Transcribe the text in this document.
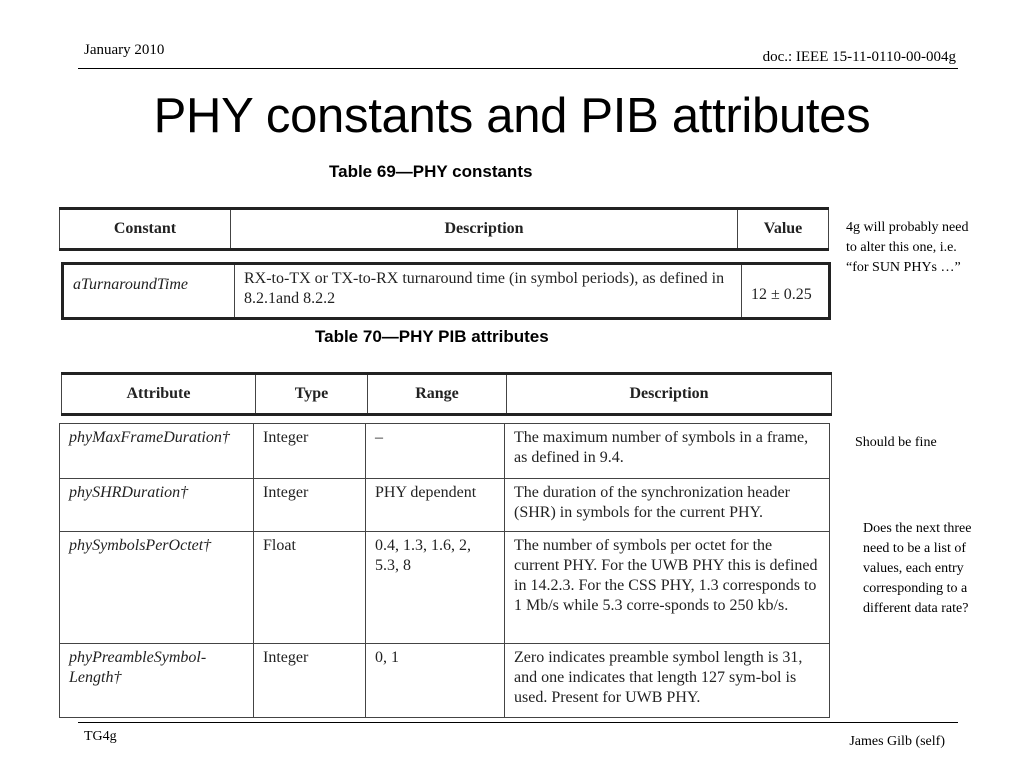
January 2010	doc.: IEEE 15-11-0110-00-004g
PHY constants and PIB attributes
Table 69—PHY constants
Constant	Description	Value
aTurnaroundTime	RX-to-TX or TX-to-RX turnaround time (in symbol periods), as defined in 8.2.1and 8.2.2	12 ± 0.25
Table 70—PHY PIB attributes
Attribute	Type	Range	Description
phyMaxFrameDuration†	Integer	–	The maximum number of symbols in a frame, as defined in 9.4.
phySHRDuration†	Integer	PHY dependent	The duration of the synchronization header (SHR) in symbols for the current PHY.
phySymbolsPerOctet†	Float	0.4, 1.3, 1.6, 2, 5.3, 8	The number of symbols per octet for the current PHY. For the UWB PHY this is defined in 14.2.3. For the CSS PHY, 1.3 corresponds to 1 Mb/s while 5.3 corre-sponds to 250 kb/s.
phyPreambleSymbol-Length†	Integer	0, 1	Zero indicates preamble symbol length is 31, and one indicates that length 127 sym-bol is used. Present for UWB PHY.
4g will probably need to alter this one, i.e. “for SUN PHYs …”
Should be fine
Does the next three need to be a list of values, each entry corresponding to a different data rate?
TG4g	James Gilb (self)
